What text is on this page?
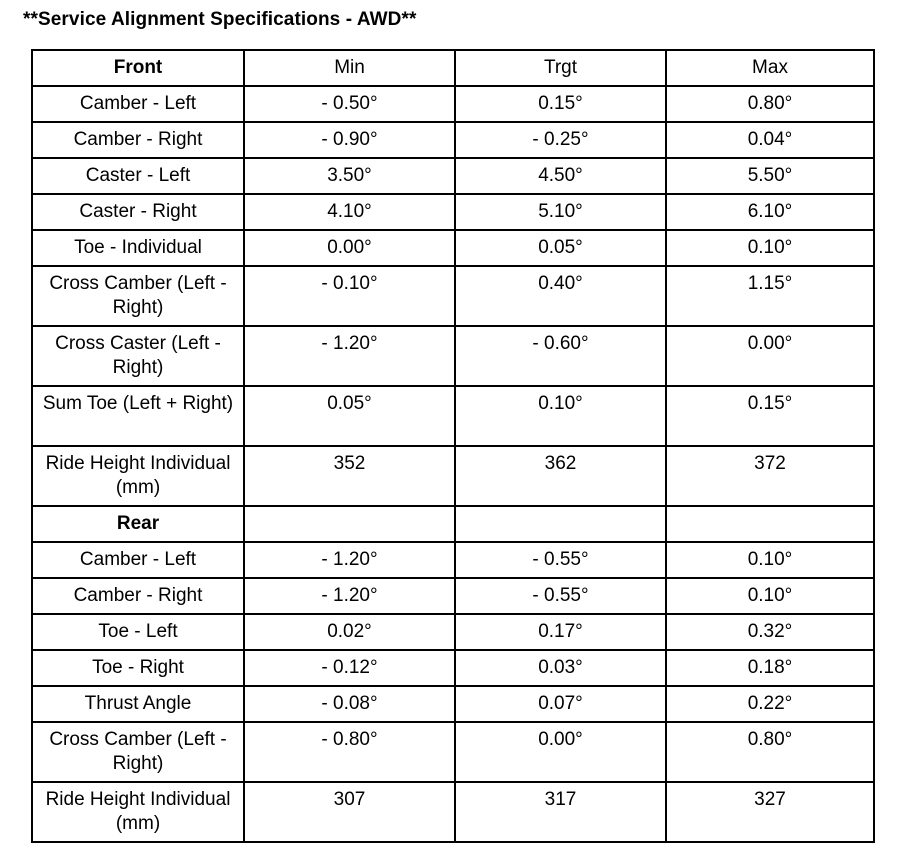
**Service Alignment Specifications - AWD**
Front	Min	Trgt	Max
Camber - Left	- 0.50°	0.15°	0.80°
Camber - Right	- 0.90°	- 0.25°	0.04°
Caster - Left	3.50°	4.50°	5.50°
Caster - Right	4.10°	5.10°	6.10°
Toe - Individual	0.00°	0.05°	0.10°
Cross Camber (Left - Right)	- 0.10°	0.40°	1.15°
Cross Caster (Left - Right)	- 1.20°	- 0.60°	0.00°
Sum Toe (Left + Right)	0.05°	0.10°	0.15°
Ride Height Individual (mm)	352	362	372
Rear			
Camber - Left	- 1.20°	- 0.55°	0.10°
Camber - Right	- 1.20°	- 0.55°	0.10°
Toe - Left	0.02°	0.17°	0.32°
Toe - Right	- 0.12°	0.03°	0.18°
Thrust Angle	- 0.08°	0.07°	0.22°
Cross Camber (Left - Right)	- 0.80°	0.00°	0.80°
Ride Height Individual (mm)	307	317	327
